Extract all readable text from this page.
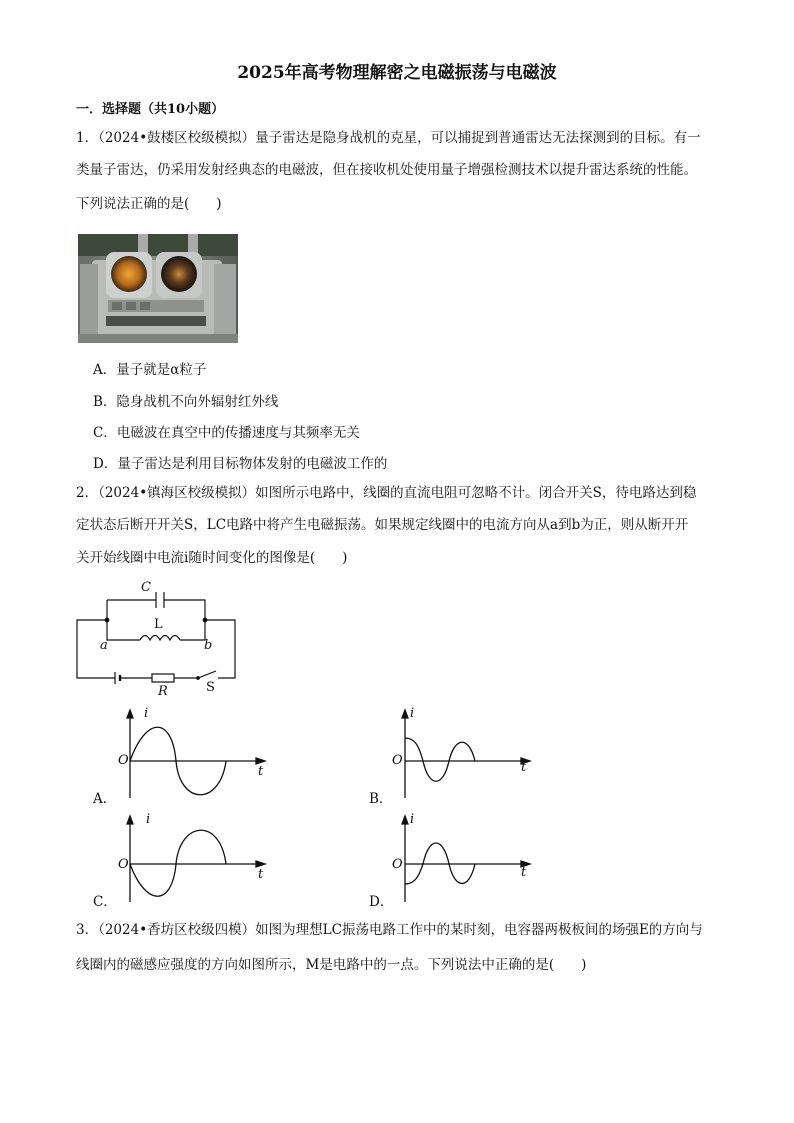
2025年高考物理解密之电磁振荡与电磁波
一．选择题（共10小题）
1．（2024•鼓楼区校级模拟）量子雷达是隐身战机的克星，可以捕捉到普通雷达无法探测到的目标。有一
类量子雷达，仍采用发射经典态的电磁波，但在接收机处使用量子增强检测技术以提升雷达系统的性能。
下列说法正确的是(　　)
A．量子就是α粒子
B．隐身战机不向外辐射红外线
C．电磁波在真空中的传播速度与其频率无关
D．量子雷达是利用目标物体发射的电磁波工作的
2．（2024•镇海区校级模拟）如图所示电路中，线圈的直流电阻可忽略不计。闭合开关S，待电路达到稳
定状态后断开开关S，LC电路中将产生电磁振荡。如果规定线圈中的电流方向从a到b为正，则从断开开
关开始线圈中电流i随时间变化的图像是(　　)
C
L
a	b
R	S
i
O
t
A．
i
O	t
B．
i
O
t
C．
i
O
t
D．
3．（2024•香坊区校级四模）如图为理想LC振荡电路工作中的某时刻，电容器两极板间的场强E的方向与
线圈内的磁感应强度的方向如图所示，M是电路中的一点。下列说法中正确的是(　　)
